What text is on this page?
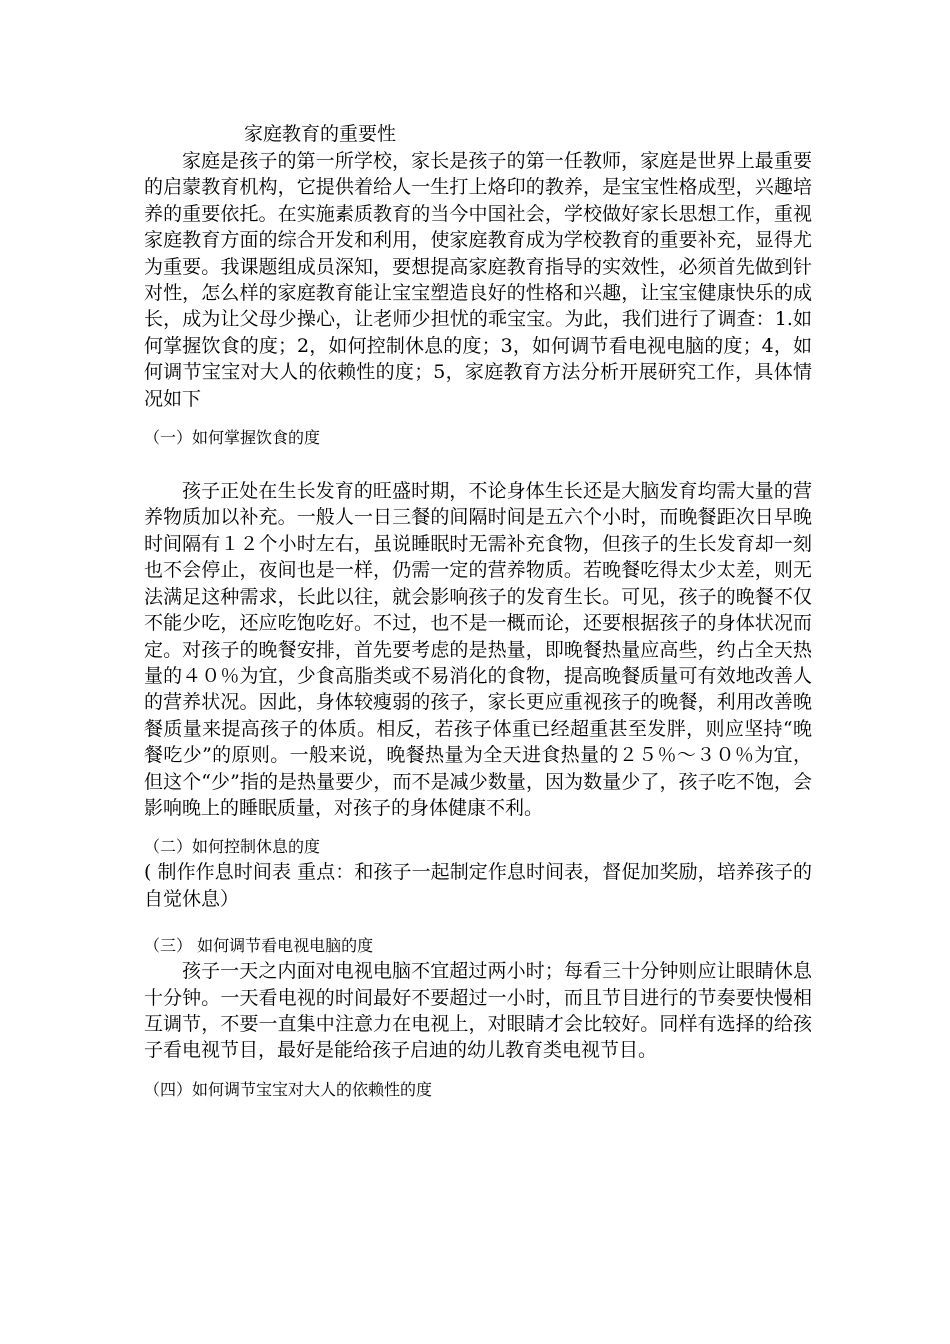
家庭教育的重要性

家庭是孩子的第一所学校，家长是孩子的第一任教师，家庭是世界上最重要的启蒙教育机构，它提供着给人一生打上烙印的教养，是宝宝性格成型，兴趣培养的重要依托。在实施素质教育的当今中国社会，学校做好家长思想工作，重视家庭教育方面的综合开发和利用，使家庭教育成为学校教育的重要补充，显得尤为重要。我课题组成员深知，要想提高家庭教育指导的实效性，必须首先做到针对性，怎么样的家庭教育能让宝宝塑造良好的性格和兴趣，让宝宝健康快乐的成长，成为让父母少操心，让老师少担忧的乖宝宝。为此，我们进行了调查：1.如何掌握饮食的度；2，如何控制休息的度；3，如何调节看电视电脑的度；4，如何调节宝宝对大人的依赖性的度；5，家庭教育方法分析开展研究工作，具体情况如下

（一）如何掌握饮食的度

孩子正处在生长发育的旺盛时期，不论身体生长还是大脑发育均需大量的营养物质加以补充。一般人一日三餐的间隔时间是五六个小时，而晚餐距次日早晚时间隔有１２个小时左右，虽说睡眠时无需补充食物，但孩子的生长发育却一刻也不会停止，夜间也是一样，仍需一定的营养物质。若晚餐吃得太少太差，则无法满足这种需求，长此以往，就会影响孩子的发育生长。可见，孩子的晚餐不仅不能少吃，还应吃饱吃好。不过，也不是一概而论，还要根据孩子的身体状况而定。对孩子的晚餐安排，首先要考虑的是热量，即晚餐热量应高些，约占全天热量的４０％为宜，少食高脂类或不易消化的食物，提高晚餐质量可有效地改善人的营养状况。因此，身体较瘦弱的孩子，家长更应重视孩子的晚餐，利用改善晚餐质量来提高孩子的体质。相反，若孩子体重已经超重甚至发胖，则应坚持“晚餐吃少”的原则。一般来说，晚餐热量为全天进食热量的２５％～３０％为宜，但这个“少”指的是热量要少，而不是减少数量，因为数量少了，孩子吃不饱，会影响晚上的睡眠质量，对孩子的身体健康不利。

（二）如何控制休息的度

( 制作作息时间表 重点：和孩子一起制定作息时间表，督促加奖励，培养孩子的自觉休息）

（三） 如何调节看电视电脑的度

孩子一天之内面对电视电脑不宜超过两小时；每看三十分钟则应让眼睛休息十分钟。一天看电视的时间最好不要超过一小时，而且节目进行的节奏要快慢相互调节，不要一直集中注意力在电视上，对眼睛才会比较好。同样有选择的给孩子看电视节目，最好是能给孩子启迪的幼儿教育类电视节目。

（四）如何调节宝宝对大人的依赖性的度
